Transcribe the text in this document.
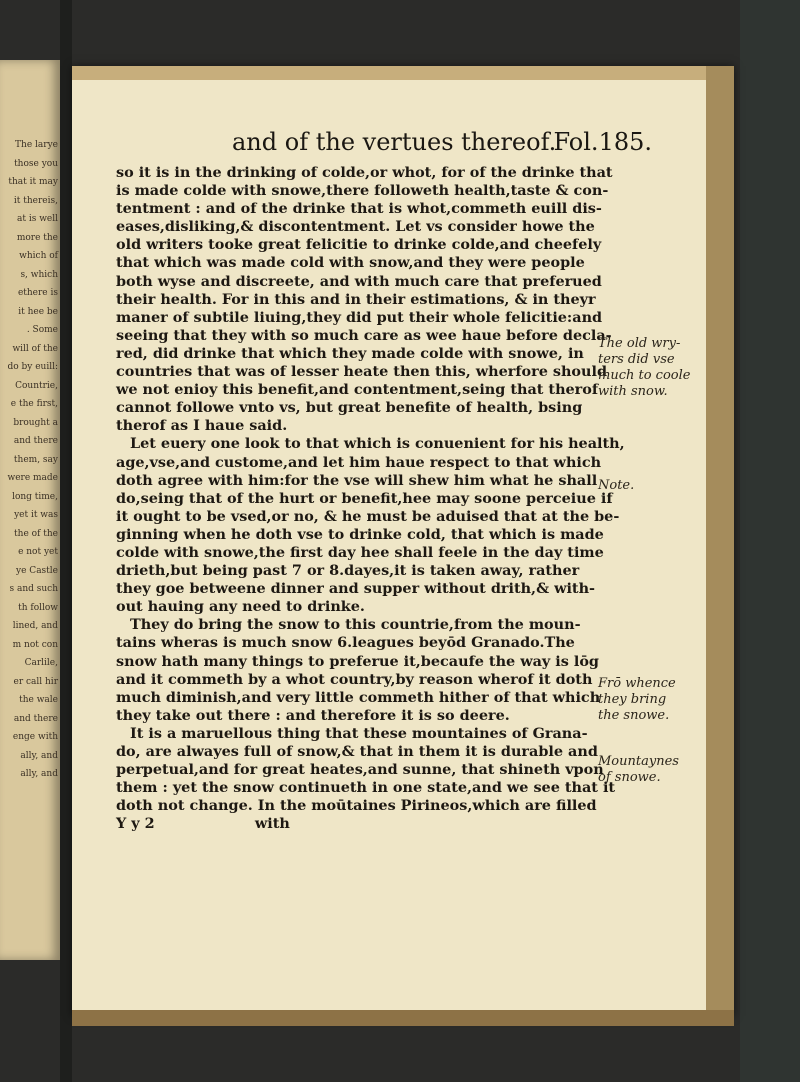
The larye
those you
that it may
it thereis,
at is well
more the
which of
s, which
ethere is
it hee be
. Some
will of the
do by euill:
Countrie,
e the first,
brought a
and there
them, say
were made
long time,
yet it was
the of the
e not yet
ye Castle
s and such
th follow
lined, and
m not con
Carlile,
er call hir
the wale
and there
enge with
ally, and
ally, and
and of the vertues thereof.
Fol.185.
so it is in the drinking of colde,or whot, for of the drinke that
is made colde with snowe,there followeth health,taste & con-
tentment : and of the drinke that is whot,commeth euill dis-
eases,disliking,& discontentment. Let vs consider howe the
old writers tooke great felicitie to drinke colde,and cheefely
that which was made cold with snow,and they were people
both wyse and discreete, and with much care that preferued
their health. For in this and in their estimations, & in theyr
maner of subtile liuing,they did put their whole felicitie:and
seeing that they with so much care as wee haue before decla-
red, did drinke that which they made colde with snowe, in
countries that was of lesser heate then this, wherfore should
we not enioy this benefit,and contentment,seing that therof
cannot followe vnto vs, but great benefite of health, bsing
therof as I haue said.
Let euery one look to that which is conuenient for his health,
age,vse,and custome,and let him haue respect to that which
doth agree with him:for the vse will shew him what he shall
do,seing that of the hurt or benefit,hee may soone perceiue if
it ought to be vsed,or no, & he must be aduised that at the be-
ginning when he doth vse to drinke cold, that which is made
colde with snowe,the first day hee shall feele in the day time
drieth,but being past 7 or 8.dayes,it is taken away, rather
they goe betweene dinner and supper without drith,& with-
out hauing any need to drinke.
They do bring the snow to this countrie,from the moun-
tains wheras is much snow 6.leagues beyōd Granado.The
snow hath many things to preferue it,becaufe the way is lōg
and it commeth by a whot country,by reason wherof it doth
much diminish,and very little commeth hither of that which
they take out there : and therefore it is so deere.
It is a maruellous thing that these mountaines of Grana-
do, are alwayes full of snow,& that in them it is durable and
perpetual,and for great heates,and sunne, that shineth vpon
them : yet the snow continueth in one state,and we see that it
doth not change. In the moūtaines Pirineos,which are filled
Y y 2                    with
The old wry-
ters did vse
much to coole
with snow.
Note.
Frō whence
they bring
the snowe.
Mountaynes
of snowe.
